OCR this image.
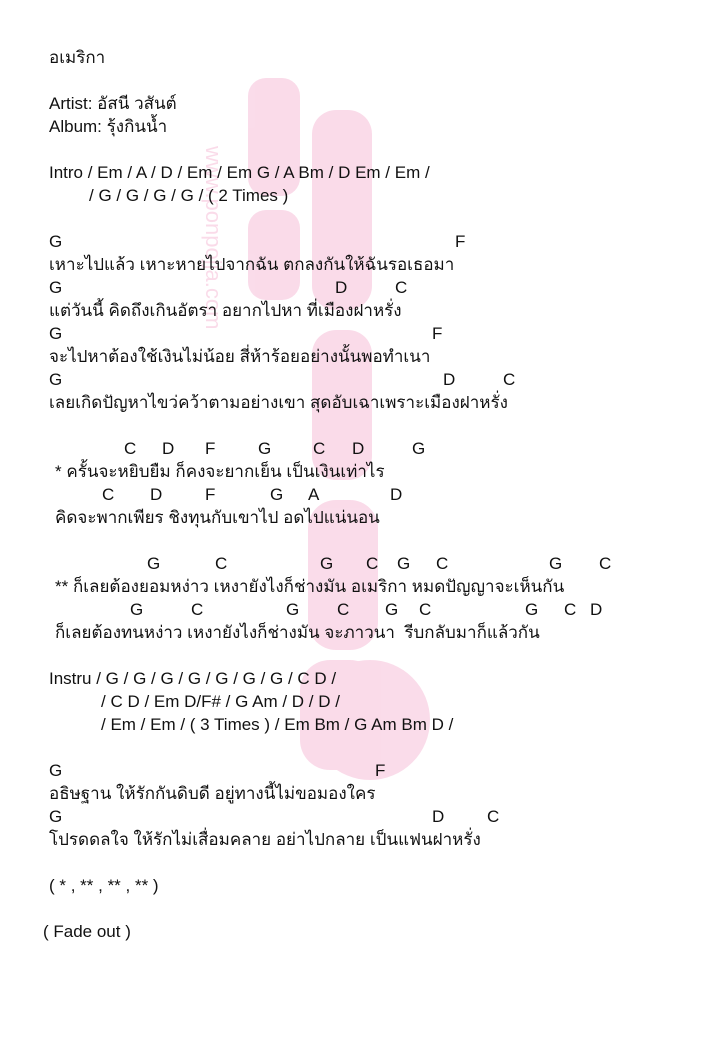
www.ponpojja.com
อเมริกา
Artist: อัสนี วสันต์
Album: รุ้งกินน้ำ
Intro / Em / A / D / Em / Em G / A Bm / D Em / Em /
/ G / G / G / G / ( 2 Times )
G	F
เหาะไปแล้ว เหาะหายไปจากฉัน ตกลงกันให้ฉันรอเธอมา
G	D	C
แต่วันนี้ คิดถึงเกินอัตรา อยากไปหา ที่เมืองฝาหรั่ง
G	F
จะไปหาต้องใช้เงินไม่น้อย สี่ห้าร้อยอย่างนั้นพอทำเนา
G	D	C
เลยเกิดปัญหาไขว่คว้าตามอย่างเขา สุดอับเฉาเพราะเมืองฝาหรั่ง
C D F	G C D	G
* ครั้นจะหยิบยืม ก็คงจะยากเย็น เป็นเงินเท่าไร
C D	F	G A	D
คิดจะพากเพียร ชิงทุนกับเขาไป อดไปแน่นอน
G	C	G C G C	G C
** ก็เลยต้องยอมหง่าว เหงายังไงก็ช่างมัน อเมริกา หมดปัญญาจะเห็นกัน
G	C	G C G C	G C D
ก็เลยต้องทนหง่าว เหงายังไงก็ช่างมัน จะภาวนา  รีบกลับมาก็แล้วกัน
Instru / G / G / G / G / G / G / G / C D /
/ C D / Em D/F# / G Am / D / D /
/ Em / Em / ( 3 Times ) / Em Bm / G Am Bm D /
G	F
อธิษฐาน ให้รักกันดิบดี อยู่ทางนี้ไม่ขอมองใคร
G	D	C
โปรดดลใจ ให้รักไม่เสื่อมคลาย อย่าไปกลาย เป็นแฟนฝาหรั่ง
( * , ** , ** , ** )
( Fade out )
